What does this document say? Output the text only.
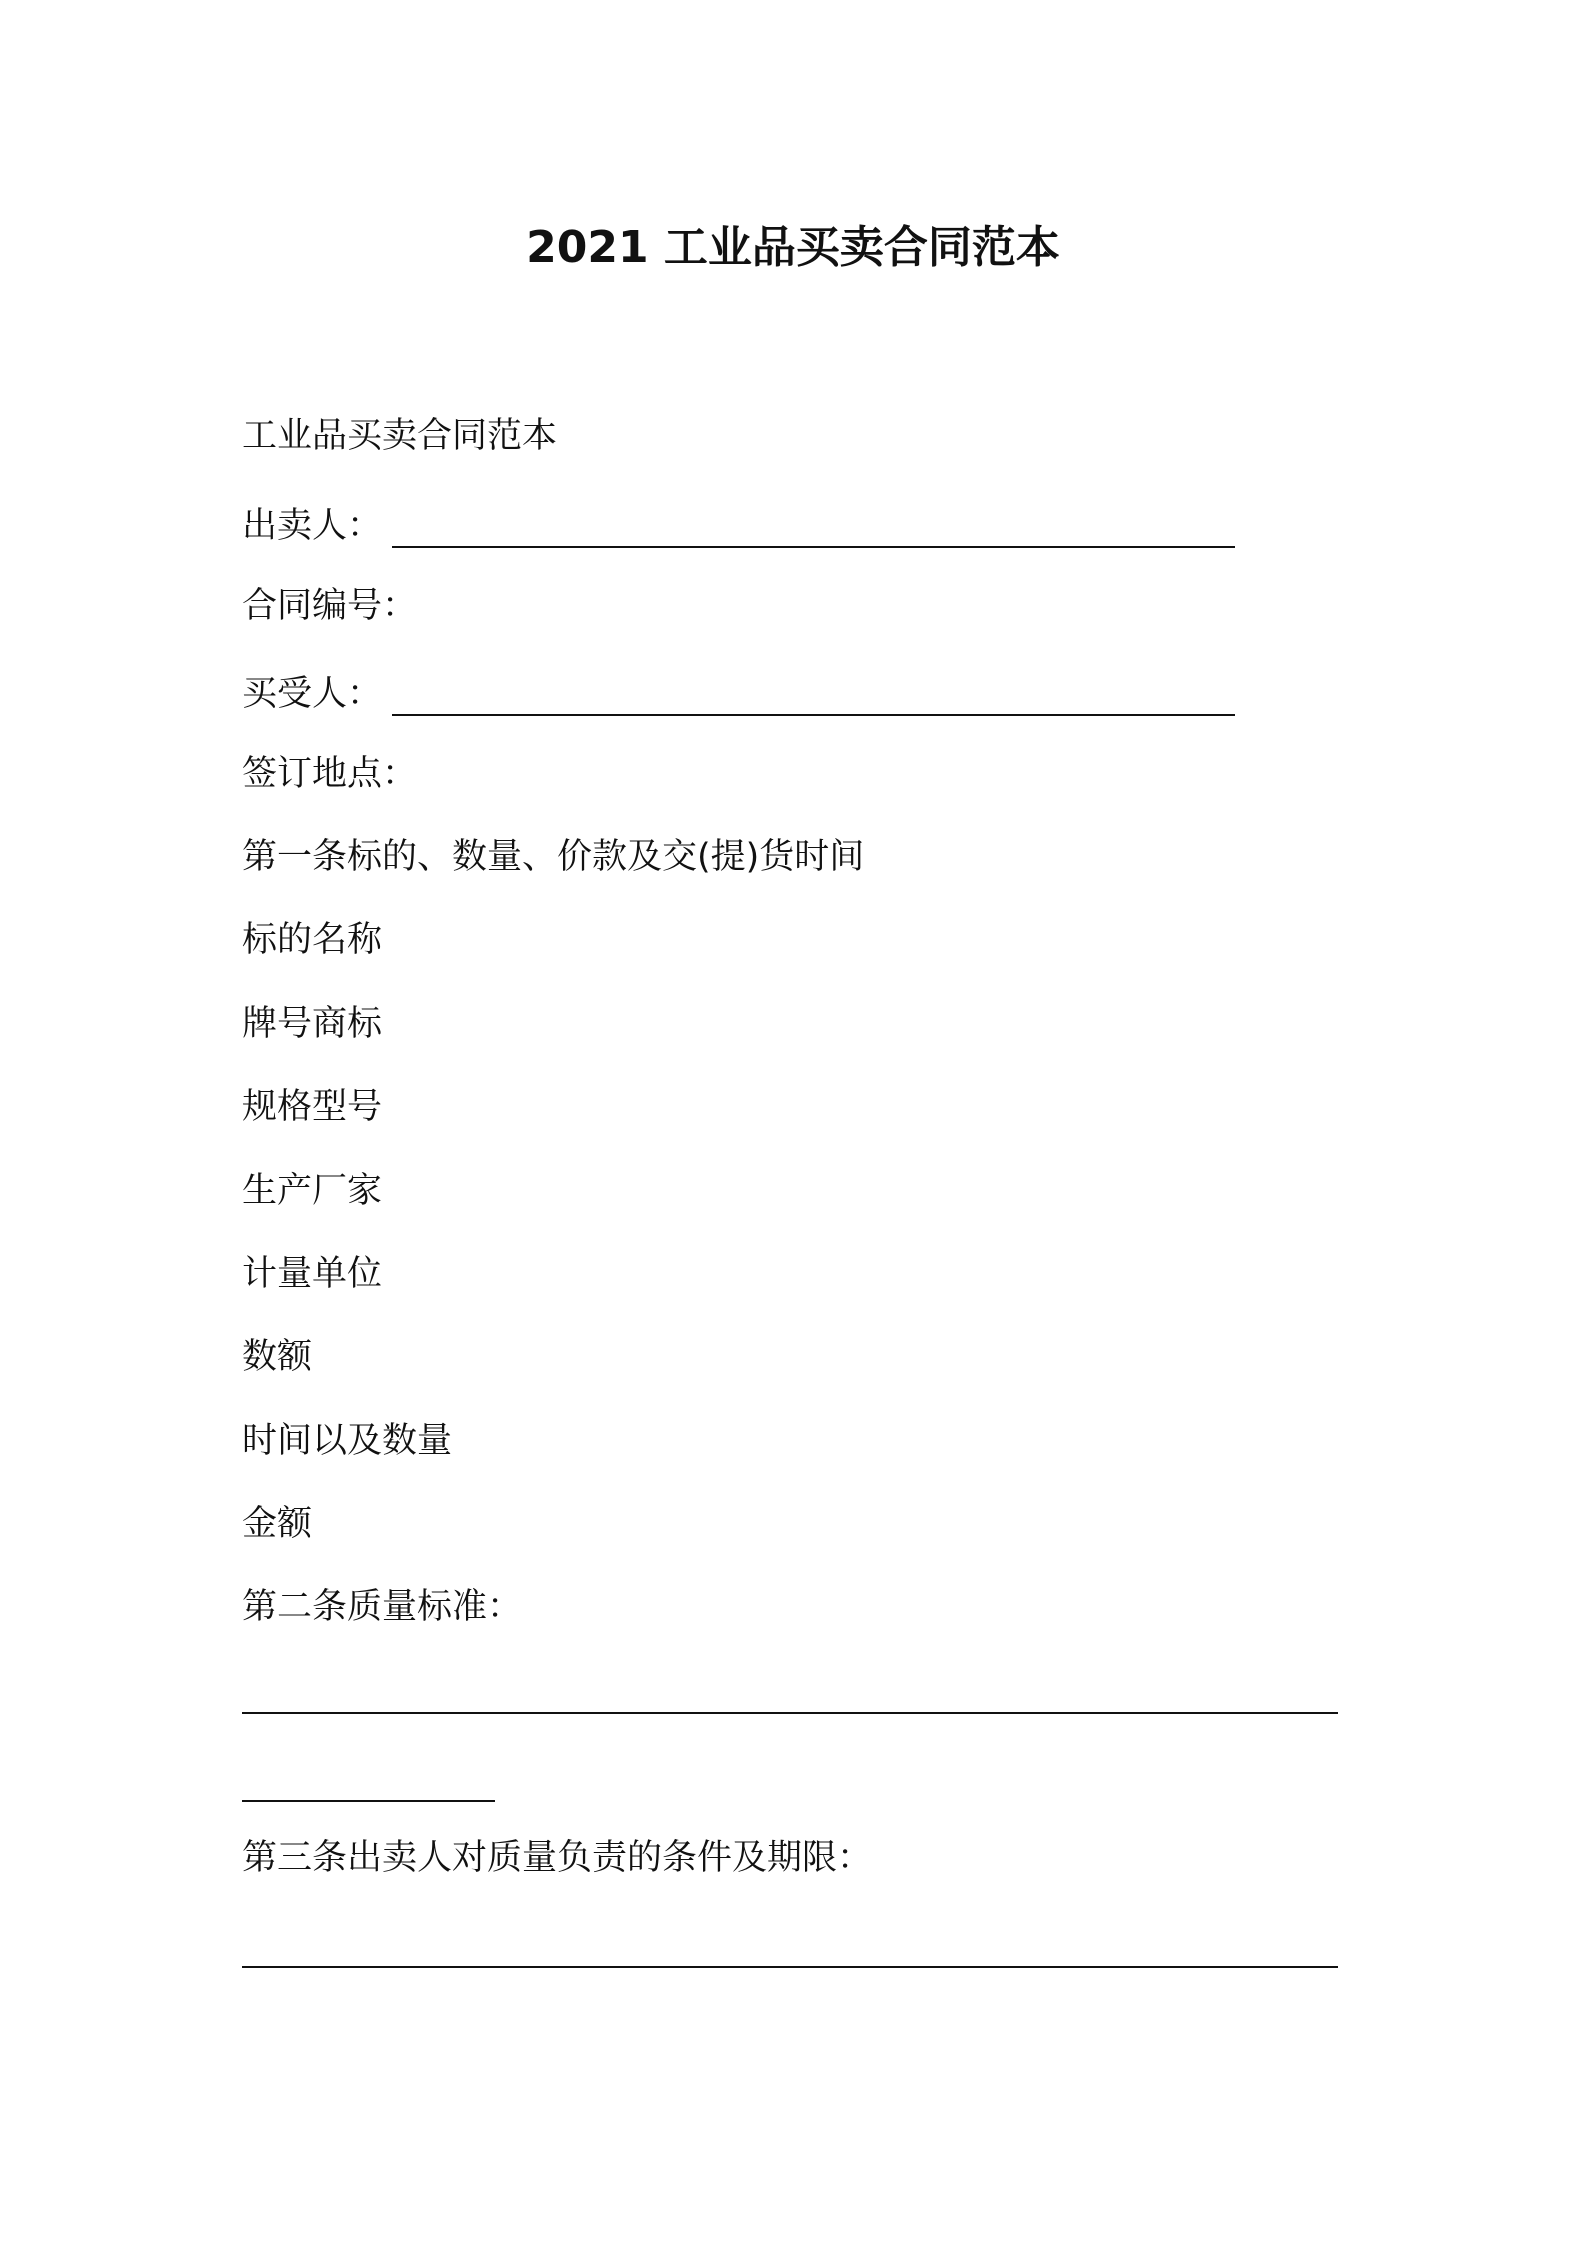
2021 工业品买卖合同范本
工业品买卖合同范本
出卖人：
合同编号：
买受人：
签订地点：
第一条标的、数量、价款及交(提)货时间
标的名称
牌号商标
规格型号
生产厂家
计量单位
数额
时间以及数量
金额
第二条质量标准：
第三条出卖人对质量负责的条件及期限：
